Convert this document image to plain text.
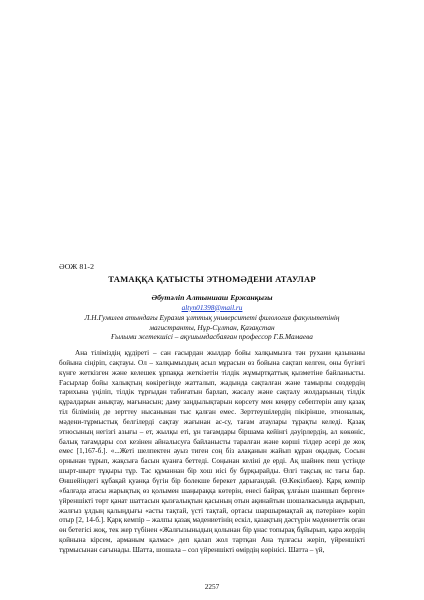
ӘОЖ 81-2
ТАМАҚҚА ҚАТЫСТЫ ЭТНОМӘДЕНИ АТАУЛАР
Әбутәліп Алтыншаш Ержанқызы
altyn01398@mail.ru
Л.Н.Гумилев атындағы Еуразия ұлттық университеті филология факультетінің
магистранты, Нұр-Сұлтан, Қазақстан
Ғылыми жетекшісі – ақушымдасбаяған профессор Г.Б.Мамаева

Ана тіліміздің құдіреті – сан ғасырдан жылдар бойы халқымызға тән рухани қазынаны бойына сіңіріп, сақтауы. Ол – халқымыздың асыл мұрасын өз бойына сақтап келген, оны бүгінгі күнге жеткізген және келешек ұрпаққа жеткізетін тілдік жұмыртқаттық қызметіне байланысты. Ғасырлар бойы халықтың көкірегінде жатталып, жадында сақталған және тамырлы сөздердің тарихына үңіліп, тілдік тұрғыдан табиғатын барлап, жасалу және сақталу жолдарының тілдік құралдарын анықтау, мағынасын; даму заңдылықтарын көрсету мен кеңеру себептерін ашу қазақ тіл білімінің де зерттеу нысанынан тыс қалған емес. Зерттеушілердің пікірінше, этноналық, мәдени-тұрмыстық белгілерді сақтау жағынан ас-су, тағам атаулары тұрақты келеді. Қазақ этносының негізгі азығы – ет, жылқы еті, ұн тағамдары біршама кейінгі дәуірлердің, ал көкөніс, балық тағамдары сол кезінен айналысуға байланысты таралған және көрші тілдер әсері де жоқ емес [1,167-б.]. «...Жеті шелпектен ауыз тиген соң біз алақанын жайып құран оқыдық. Сосын орнынан тұрып, жақсыға басын қуанға беттеді. Соңынан келіні де ерді. Ақ шайнек пеш үстінде шырт-шырт тұқыры тұр. Тас құманнан бір хош иісі бу бұрқырайды. Өлгі тақсық нс тағы бар. Өншейіндегі құбақай қуанқа бүгін бір болекше берекет дарығандай. (Ө.Кекілбаев). Қарқ кемпір «балғада атасы жарықтық өз қолымен шаңыраққа көтерін, енесі байрақ ұлға́ын шаншып берген» үйреншікті төрт қанат шаттасын қызғалықтын қасының отын ақинайтын шошалкасында ақдырып, жалғыз ұлдың қалыңдығы «асты тақтай, үсті тақтай, ортасы шаршырмақтай ақ пәтеріне» көріп отыр [2, 14-б.]. Қарқ кемпір – жалпы қазақ мәдениетінің ескіл, қазақтың дәстүрін мәдениеттік оған өн бетегісі жоқ, тек жер түбінен «Жалғызыныдың қолынан бір ұнас топырақ бұйырып, қара жердің қойнына кірсем, арманым қалмас» деп қалап жол тартқан Ана тұлғасы жеріп, үйреншікті тұрмысынан сағынады. Шатта, шошала – сол үйреншікті өмірдің көрінісі. Шатта – үй,

2257
